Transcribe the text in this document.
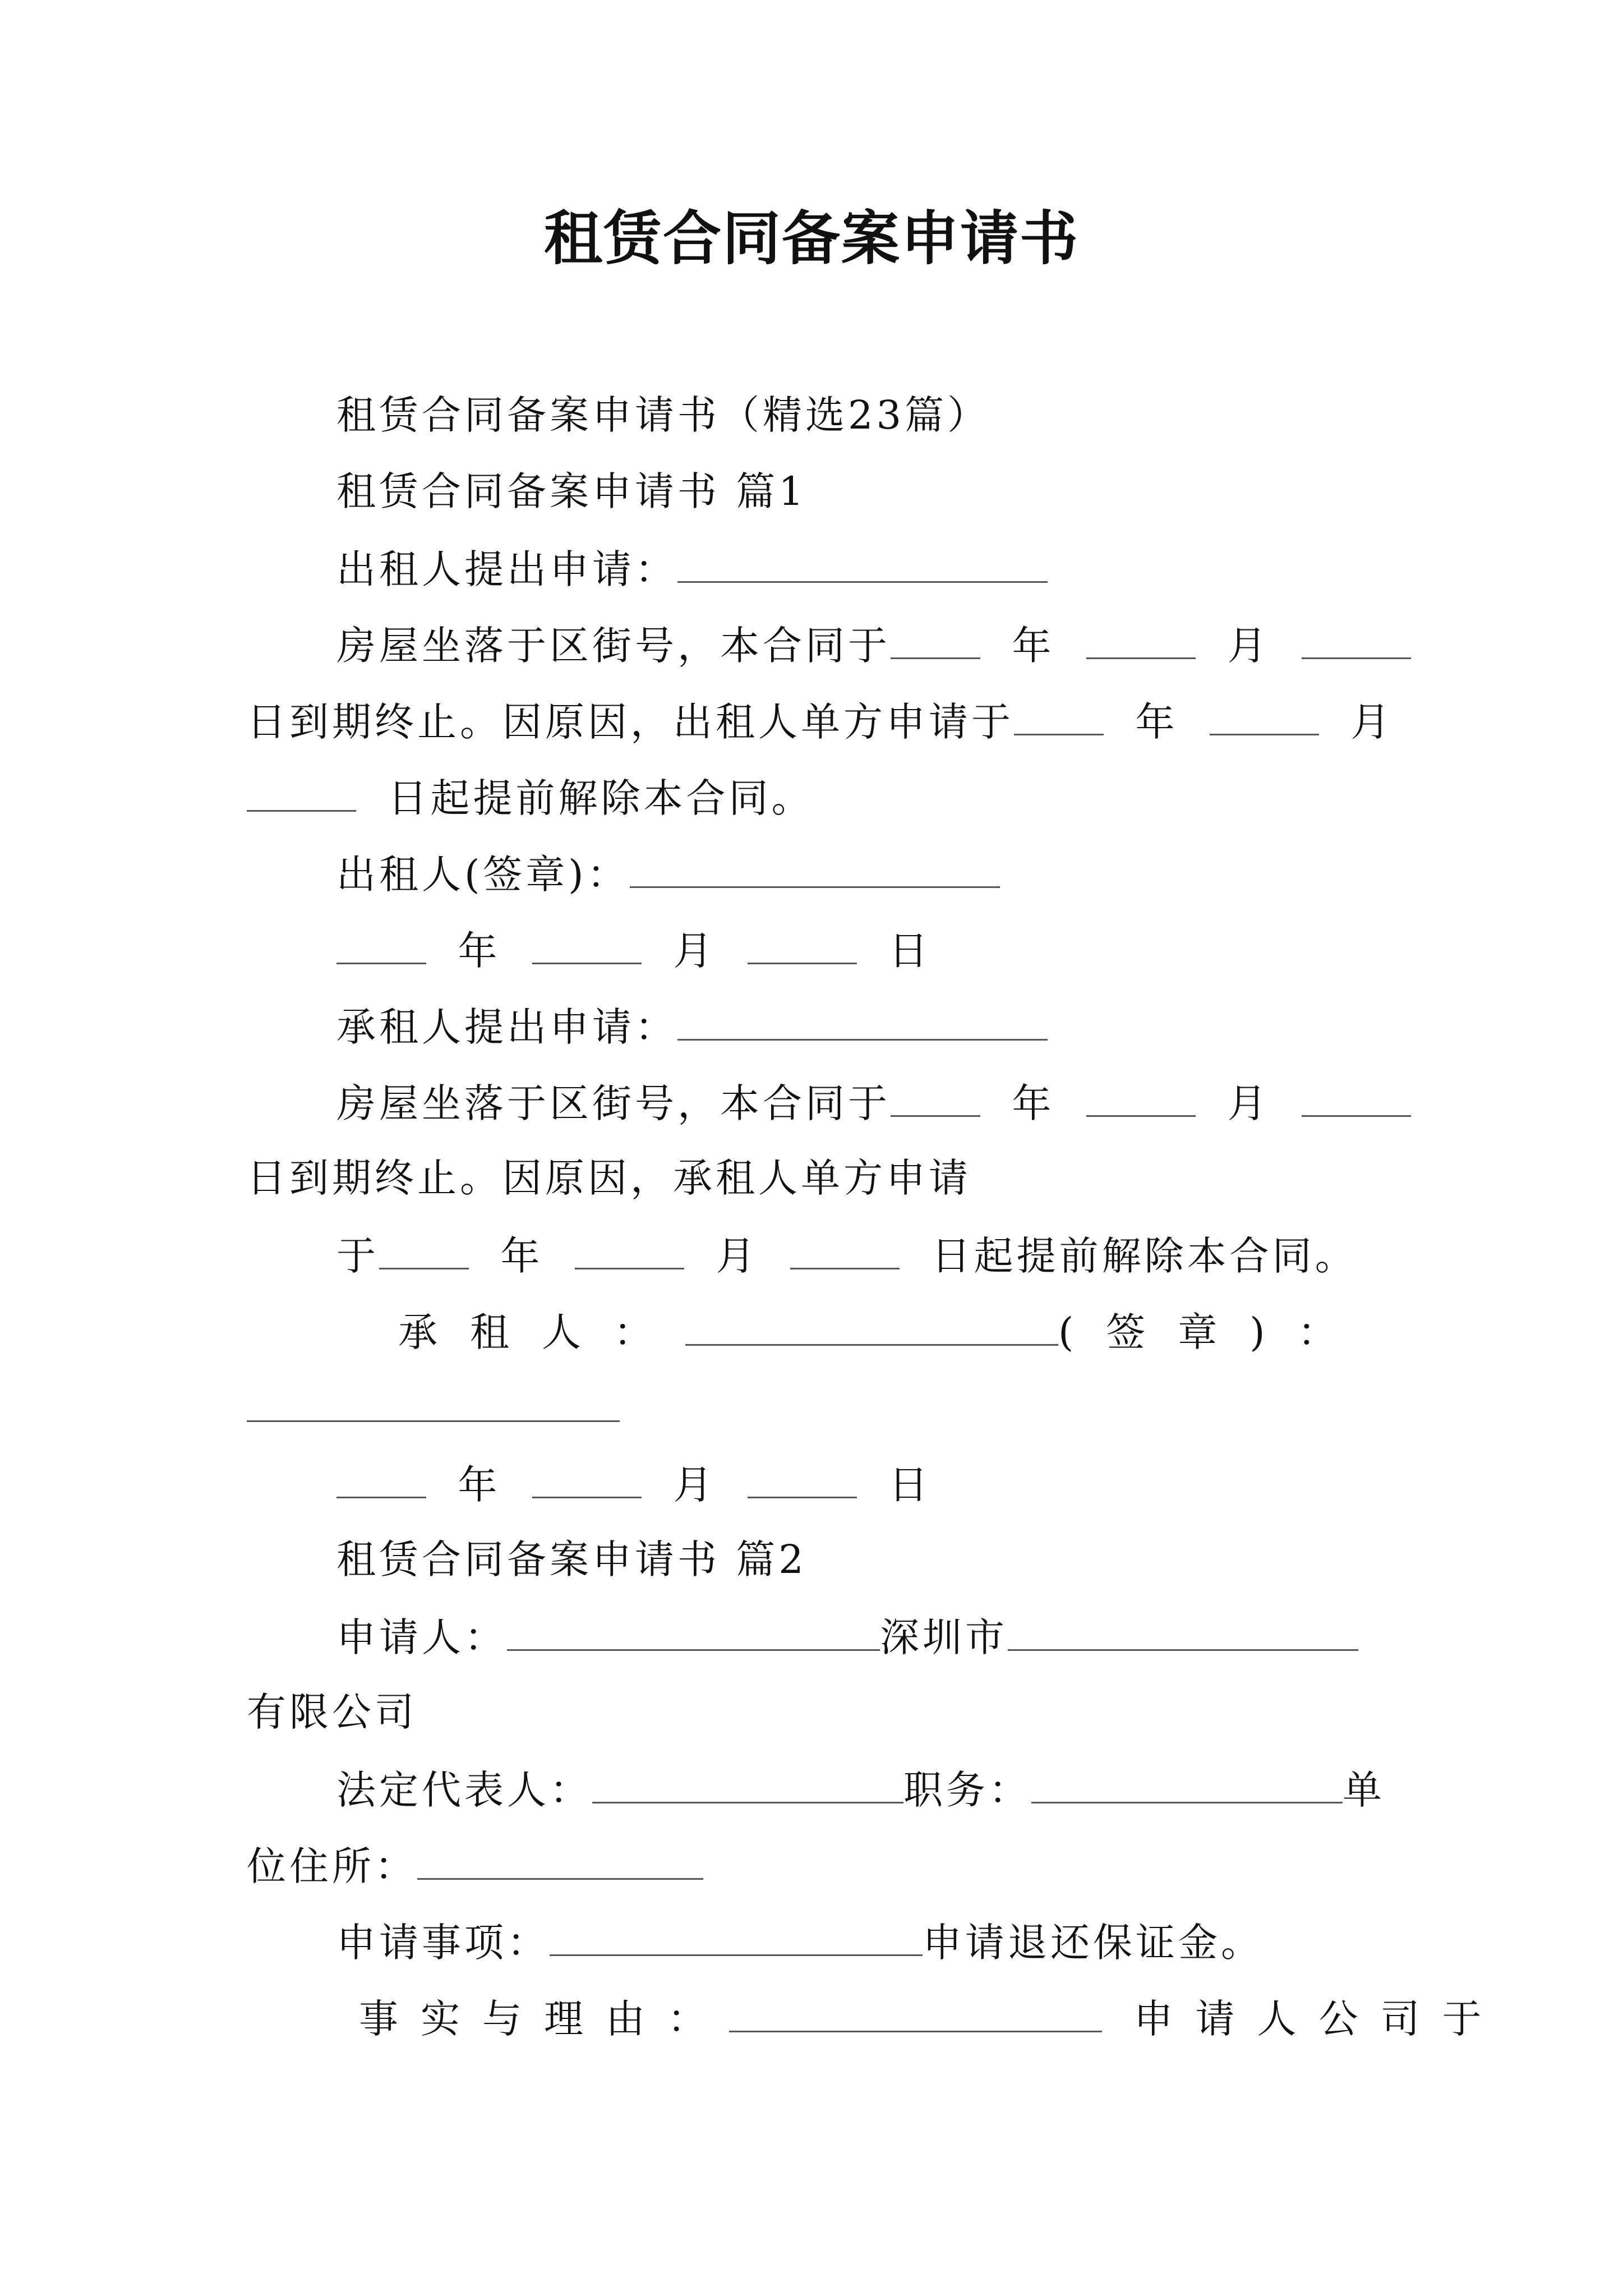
租赁合同备案申请书
租赁合同备案申请书（精选23篇）
租赁合同备案申请书 篇1
出租人提出申请：
房屋坐落于区街号，本合同于	年	月
日到期终止。因原因，出租人单方申请于	年	月
日起提前解除本合同。
出租人(签章)：
年	月	日
承租人提出申请：
房屋坐落于区街号，本合同于	年	月
日到期终止。因原因，承租人单方申请
于	年	月	日起提前解除本合同。
承租人：	(签章)：
年	月	日
租赁合同备案申请书 篇2
申请人：	深圳市
有限公司
法定代表人：	职务：	单
位住所：
申请事项：	申请退还保证金。
事实与理由：	申请人公司于
